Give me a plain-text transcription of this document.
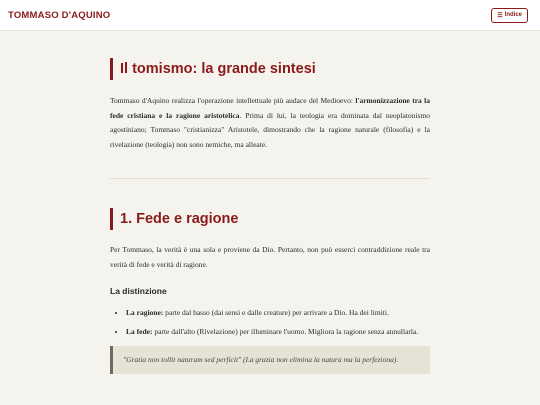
TOMMASO D'AQUINO	☰ Indice
Il tomismo: la grande sintesi

Tommaso d'Aquino realizza l'operazione intellettuale più audace del Medioevo: l'armonizzazione tra la fede cristiana e la ragione aristotelica. Prima di lui, la teologia era dominata dal neoplatonismo agostiniano; Tommaso "cristianizza" Aristotele, dimostrando che la ragione naturale (filosofia) e la rivelazione (teologia) non sono nemiche, ma alleate.

1. Fede e ragione

Per Tommaso, la verità è una sola e proviene da Dio. Pertanto, non può esserci contraddizione reale tra verità di fede e verità di ragione.

La distinzione
• La ragione: parte dal basso (dai sensi e dalle creature) per arrivare a Dio. Ha dei limiti.
• La fede: parte dall'alto (Rivelazione) per illuminare l'uomo. Migliora la ragione senza annullarla.
"Gratia non tollit naturam sed perficit" (La grazia non elimina la natura ma la perfeziona).
